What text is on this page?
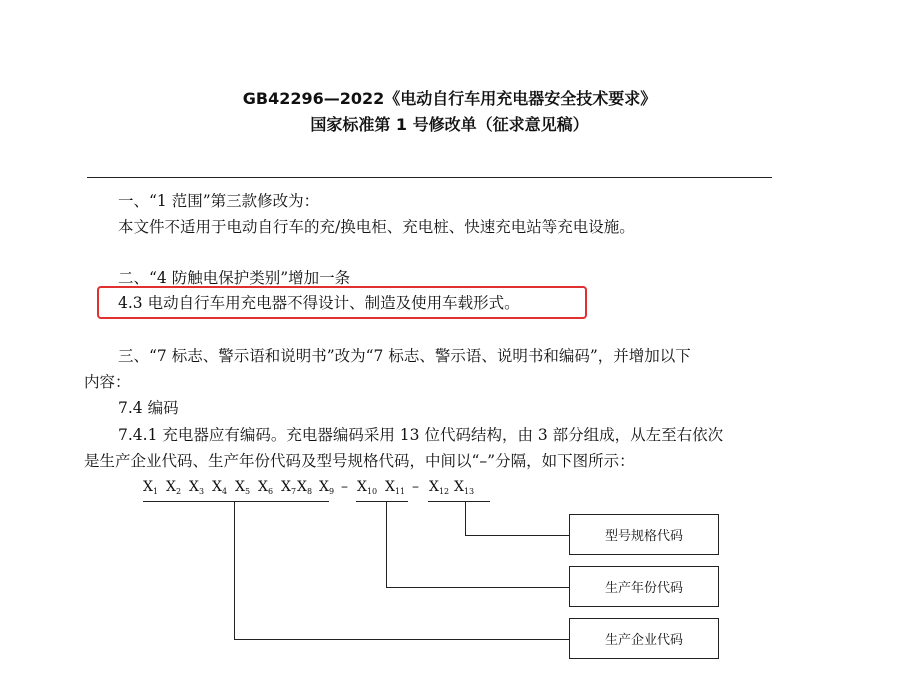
GB42296—2022《电动自行车用充电器安全技术要求》
国家标准第 1 号修改单（征求意见稿）
一、“1 范围”第三款修改为：
本文件不适用于电动自行车的充/换电柜、充电桩、快速充电站等充电设施。
二、“4 防触电保护类别”增加一条
4.3 电动自行车用充电器不得设计、制造及使用车载形式。
三、“7 标志、警示语和说明书”改为“7 标志、警示语、说明书和编码”，并增加以下
内容：
7.4 编码
7.4.1 充电器应有编码。充电器编码采用 13 位代码结构，由 3 部分组成，从左至右依次
是生产企业代码、生产年份代码及型号规格代码，中间以“–”分隔，如下图所示：
$X_1$ $X_2$ $X_3$ $X_4$ $X_5$ $X_6$ $X_7$ $X_8$ $X_9 - X_{10}$ $X_{11} - X_{12}$ $X_{13}$
型号规格代码
生产年份代码
生产企业代码
